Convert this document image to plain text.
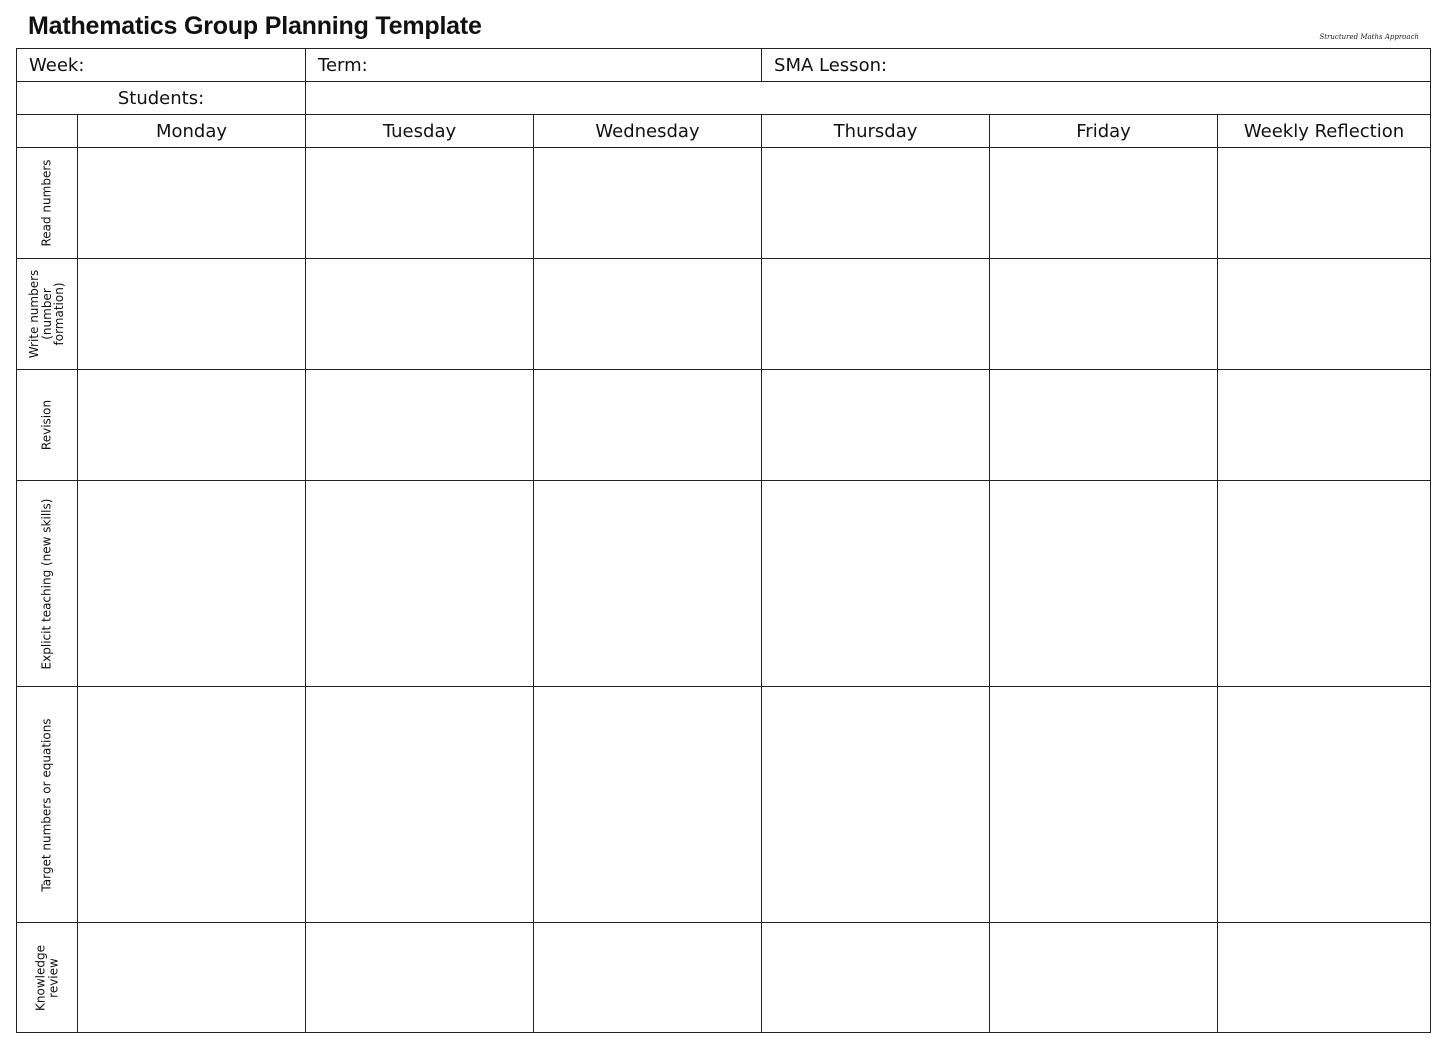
Mathematics Group Planning Template	Structured Maths Approach
Week:		Term:		SMA Lesson:		
Students:						
	Monday	Tuesday	Wednesday	Thursday	Friday	Weekly Reflection

Read numbers						

Write numbers (number formation)						

Revision						

Explicit teaching (new skills)						

Target numbers or equations						

Knowledge review						
